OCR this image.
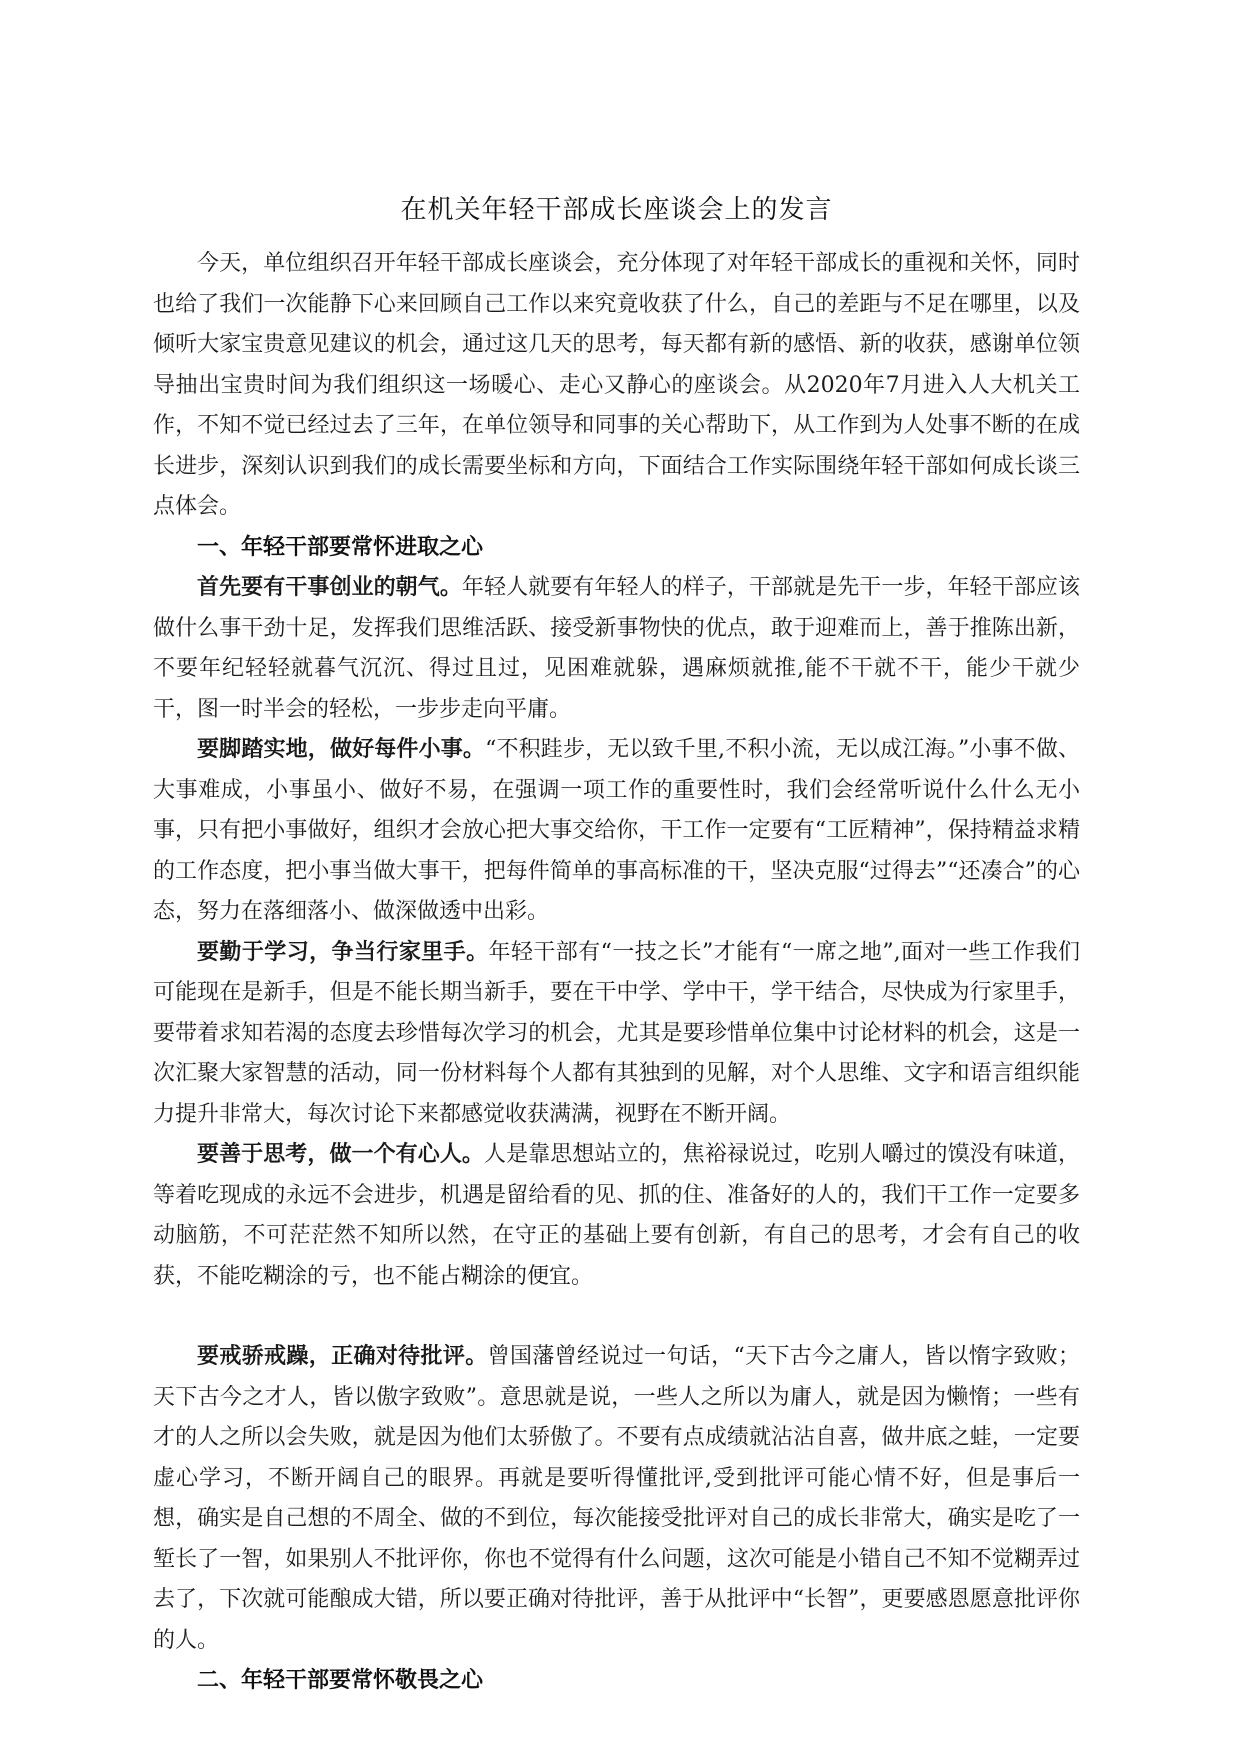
在机关年轻干部成长座谈会上的发言

今天，单位组织召开年轻干部成长座谈会，充分体现了对年轻干部成长的重视和关怀，同时也给了我们一次能静下心来回顾自己工作以来究竟收获了什么，自己的差距与不足在哪里，以及倾听大家宝贵意见建议的机会，通过这几天的思考，每天都有新的感悟、新的收获，感谢单位领导抽出宝贵时间为我们组织这一场暖心、走心又静心的座谈会。从2020年7月进入人大机关工作，不知不觉已经过去了三年，在单位领导和同事的关心帮助下，从工作到为人处事不断的在成长进步，深刻认识到我们的成长需要坐标和方向，下面结合工作实际围绕年轻干部如何成长谈三点体会。

一、年轻干部要常怀进取之心

首先要有干事创业的朝气。年轻人就要有年轻人的样子，干部就是先干一步，年轻干部应该做什么事干劲十足，发挥我们思维活跃、接受新事物快的优点，敢于迎难而上，善于推陈出新，不要年纪轻轻就暮气沉沉、得过且过，见困难就躲，遇麻烦就推,能不干就不干，能少干就少干，图一时半会的轻松，一步步走向平庸。

要脚踏实地，做好每件小事。“不积跬步，无以致千里,不积小流，无以成江海。”小事不做、大事难成，小事虽小、做好不易，在强调一项工作的重要性时，我们会经常听说什么什么无小事，只有把小事做好，组织才会放心把大事交给你，干工作一定要有“工匠精神”，保持精益求精的工作态度，把小事当做大事干，把每件简单的事高标准的干，坚决克服“过得去”“还凑合”的心态，努力在落细落小、做深做透中出彩。

要勤于学习，争当行家里手。年轻干部有“一技之长”才能有“一席之地”,面对一些工作我们可能现在是新手，但是不能长期当新手，要在干中学、学中干，学干结合，尽快成为行家里手，要带着求知若渴的态度去珍惜每次学习的机会，尤其是要珍惜单位集中讨论材料的机会，这是一次汇聚大家智慧的活动，同一份材料每个人都有其独到的见解，对个人思维、文字和语言组织能力提升非常大，每次讨论下来都感觉收获满满，视野在不断开阔。

要善于思考，做一个有心人。人是靠思想站立的，焦裕禄说过，吃别人嚼过的馍没有味道，等着吃现成的永远不会进步，机遇是留给看的见、抓的住、准备好的人的，我们干工作一定要多动脑筋，不可茫茫然不知所以然，在守正的基础上要有创新，有自己的思考，才会有自己的收获，不能吃糊涂的亏，也不能占糊涂的便宜。

要戒骄戒躁，正确对待批评。曾国藩曾经说过一句话，“天下古今之庸人，皆以惰字致败；天下古今之才人，皆以傲字致败”。意思就是说，一些人之所以为庸人，就是因为懒惰；一些有才的人之所以会失败，就是因为他们太骄傲了。不要有点成绩就沾沾自喜，做井底之蛙，一定要虚心学习，不断开阔自己的眼界。再就是要听得懂批评,受到批评可能心情不好，但是事后一想，确实是自己想的不周全、做的不到位，每次能接受批评对自己的成长非常大，确实是吃了一堑长了一智，如果别人不批评你，你也不觉得有什么问题，这次可能是小错自己不知不觉糊弄过去了，下次就可能酿成大错，所以要正确对待批评，善于从批评中“长智”，更要感恩愿意批评你的人。

二、年轻干部要常怀敬畏之心
